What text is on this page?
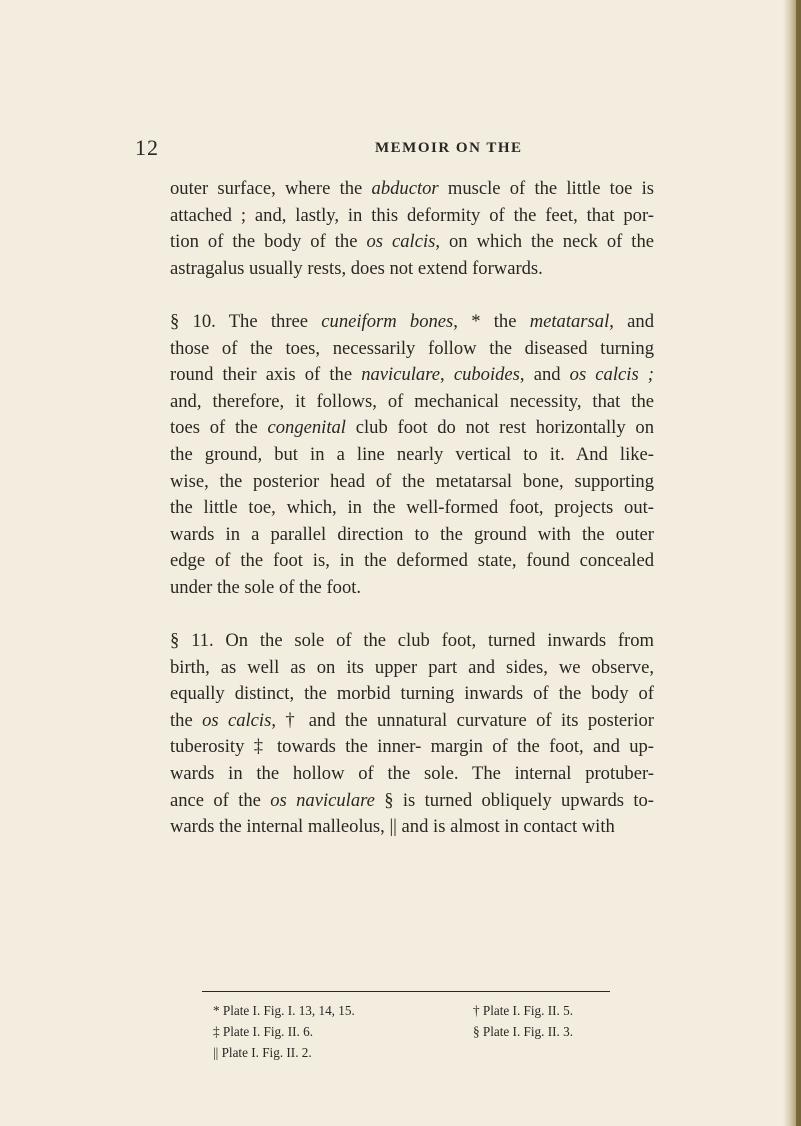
12	MEMOIR ON THE

outer surface, where the abductor muscle of the little toe is
attached ; and, lastly, in this deformity of the feet, that por-
tion of the body of the os calcis, on which the neck of the
astragalus usually rests, does not extend forwards.

§ 10. The three cuneiform bones, * the metatarsal, and
those of the toes, necessarily follow the diseased turning
round their axis of the naviculare, cuboides, and os calcis ;
and, therefore, it follows, of mechanical necessity, that the
toes of the congenital club foot do not rest horizontally on
the ground, but in a line nearly vertical to it. And like-
wise, the posterior head of the metatarsal bone, supporting
the little toe, which, in the well-formed foot, projects out-
wards in a parallel direction to the ground with the outer
edge of the foot is, in the deformed state, found concealed
under the sole of the foot.

§ 11. On the sole of the club foot, turned inwards from
birth, as well as on its upper part and sides, we observe,
equally distinct, the morbid turning inwards of the body of
the os calcis, † and the unnatural curvature of its posterior
tuberosity ‡ towards the inner- margin of the foot, and up-
wards in the hollow of the sole. The internal protuber-
ance of the os naviculare § is turned obliquely upwards to-
wards the internal malleolus, || and is almost in contact with

* Plate I. Fig. I. 13, 14, 15.	† Plate I. Fig. II. 5.
‡ Plate I. Fig. II. 6.	§ Plate I. Fig. II. 3.
|| Plate I. Fig. II. 2.
